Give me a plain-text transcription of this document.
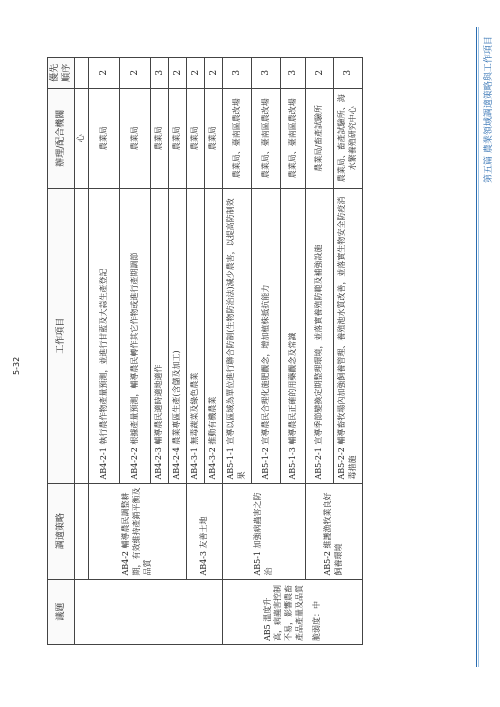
第五篇 農業領域調適策略與工作項目
議題	調適策略	工作項目	辦理/配合機關	優先順序
			心	
	AB4-2 輔導農民調整耕期，有效維持產銷平衡及品質	AB4-2-1 執行農作物產量預測，並進行甘藍及大蒜生產登記	農業局	2
		AB4-2-2 根據產量預測，輔導農民轉作其它作物或進行產期調節	農業局	2
		AB4-2-3 輔導農民適時適地適作	農業局	3
		AB4-2-4 農業專區生產(含儲及加工)	農業局	2
	AB4-3 友善土地	AB4-3-1 無毒蔬菜及綠色農業	農業局	2
		AB4-3-2 推動有機農業	農業局	2

AB5 溫度升高，病蟲害控制不易，影響農畜產品產量及品質 脆弱度：中	AB5-1 加強病蟲害之防治	AB5-1-1 宣導以區域為單位進行聯合防制(生物防治法)減少農害，以提高防制效果	農業局、臺南區農改場	3
		AB5-1-2 宣導農民合理化施肥觀念，增加植株抵抗能力	農業局、臺南區農改場	3
		AB5-1-3 輔導農民正確的用藥觀念及常識	農業局、臺南區農改場	3
	AB5-2 維護漁牧業良好飼養環境	AB5-2-1 宣導季節變換定期整理環境，並落實養殖防範及補強設施	農業局/畜產試驗所	2
		AB5-2-2 輔導畜牧場內加強飼養管理、養殖池水質改善，並落實生物安全防疫消毒措施	農業局、畜產試驗所、海水繁養殖研究中心	3
5-32
